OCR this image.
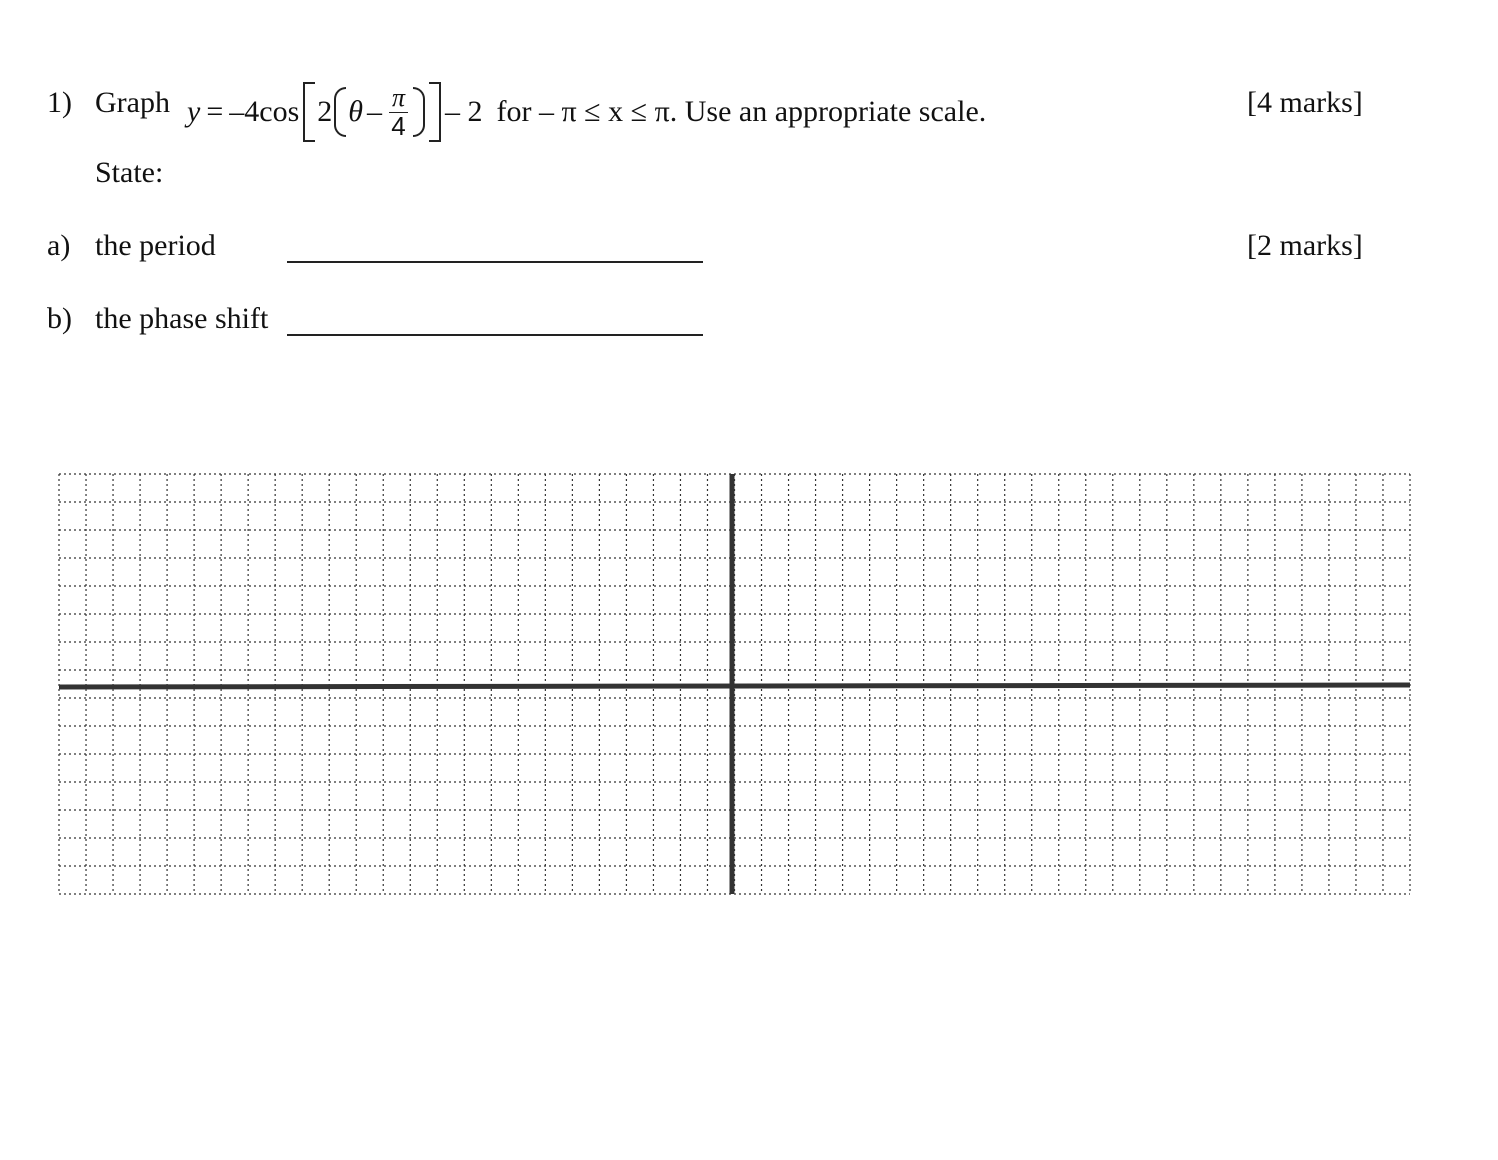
1) Graph y = –4 cos 2 θ – $\frac{\pi}{4} - 2$ for – π ≤ x ≤ π . Use an appropriate scale.	[4 marks]
State:
a) the period	[2 marks]
b) the phase shift
